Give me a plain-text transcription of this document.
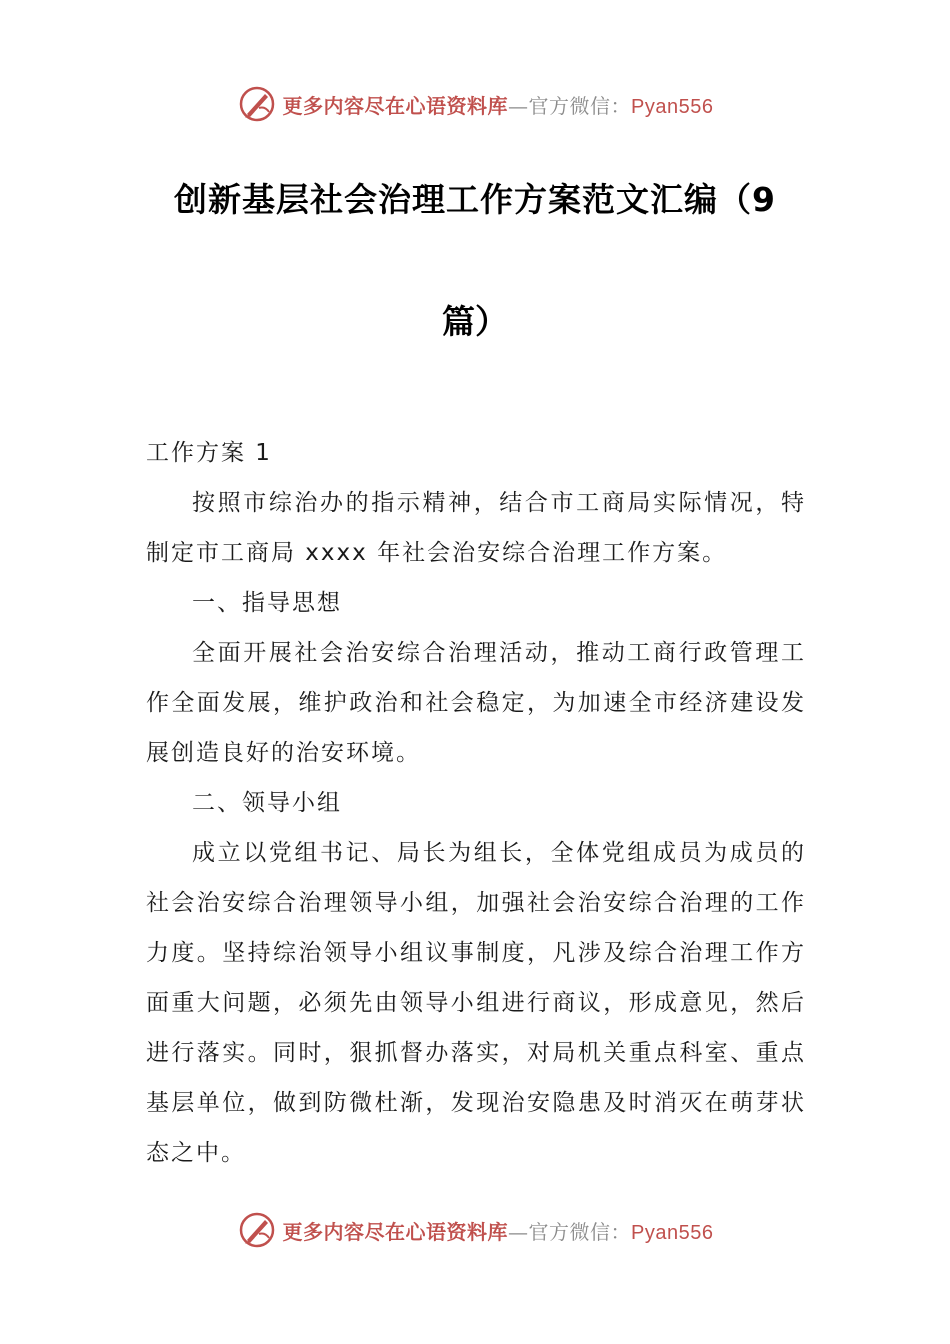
更多内容尽在心语资料库—官方微信：Pyan556
创新基层社会治理工作方案范文汇编（9
篇）

工作方案 1

按照市综治办的指示精神，结合市工商局实际情况，特制定市工商局 xxxx 年社会治安综合治理工作方案。

一、指导思想

全面开展社会治安综合治理活动，推动工商行政管理工作全面发展，维护政治和社会稳定，为加速全市经济建设发展创造良好的治安环境。

二、领导小组

成立以党组书记、局长为组长，全体党组成员为成员的社会治安综合治理领导小组，加强社会治安综合治理的工作力度。坚持综治领导小组议事制度，凡涉及综合治理工作方面重大问题，必须先由领导小组进行商议，形成意见，然后进行落实。同时，狠抓督办落实，对局机关重点科室、重点基层单位，做到防微杜渐，发现治安隐患及时消灭在萌芽状态之中。

更多内容尽在心语资料库—官方微信：Pyan556
